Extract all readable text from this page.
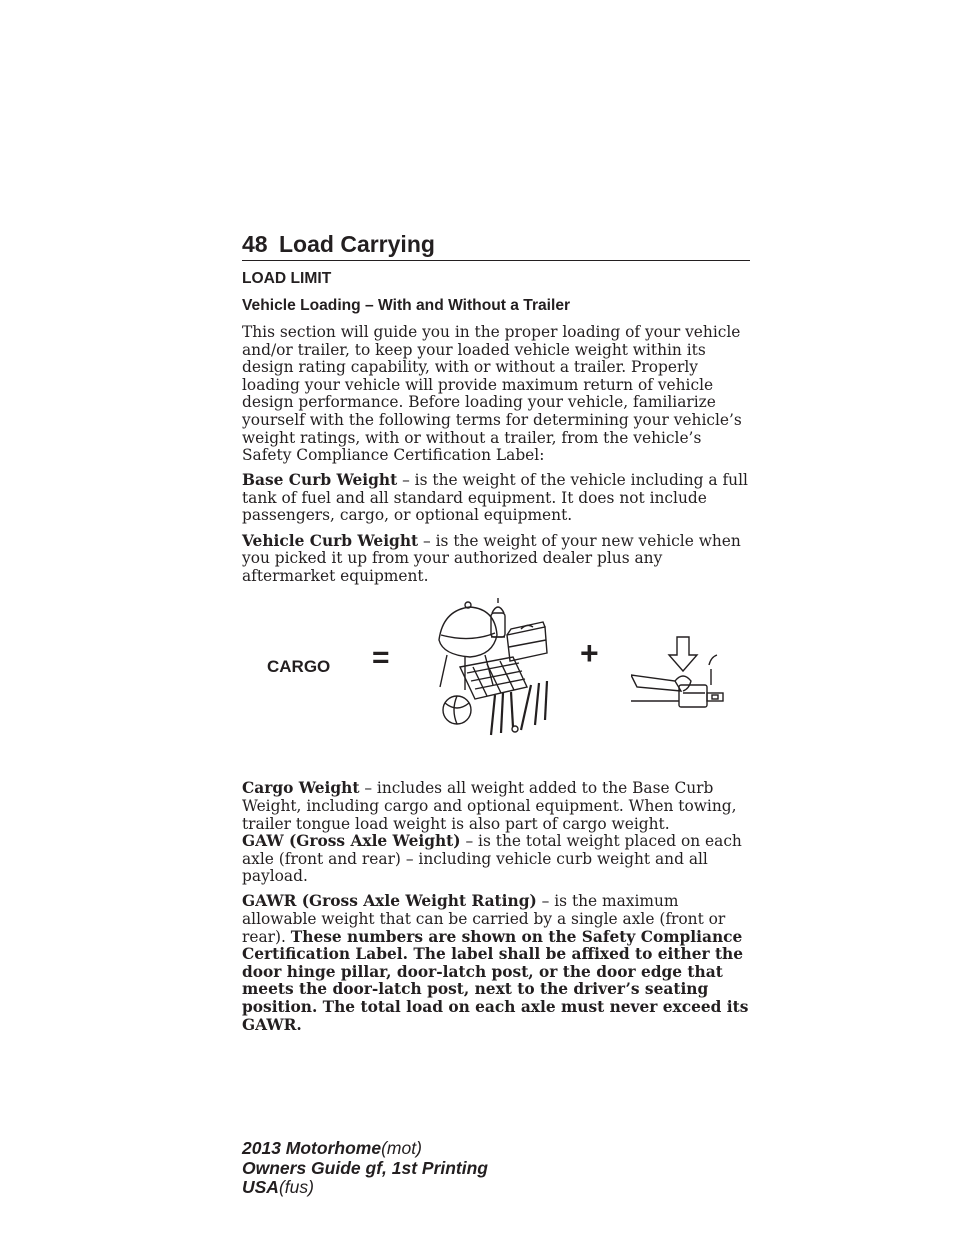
48 Load Carrying
LOAD LIMIT
Vehicle Loading – With and Without a Trailer

This section will guide you in the proper loading of your vehicle and/or trailer, to keep your loaded vehicle weight within its design rating capability, with or without a trailer. Properly loading your vehicle will provide maximum return of vehicle design performance. Before loading your vehicle, familiarize yourself with the following terms for determining your vehicle’s weight ratings, with or without a trailer, from the vehicle’s Safety Compliance Certification Label:

Base Curb Weight – is the weight of the vehicle including a full tank of fuel and all standard equipment. It does not include passengers, cargo, or optional equipment.

Vehicle Curb Weight – is the weight of your new vehicle when you picked it up from your authorized dealer plus any aftermarket equipment.

CARGO =	+

Cargo Weight – includes all weight added to the Base Curb Weight, including cargo and optional equipment. When towing, trailer tongue load weight is also part of cargo weight.

GAW (Gross Axle Weight) – is the total weight placed on each axle (front and rear) – including vehicle curb weight and all payload.

GAWR (Gross Axle Weight Rating) – is the maximum allowable weight that can be carried by a single axle (front or rear). These numbers are shown on the Safety Compliance Certification Label. The label shall be affixed to either the door hinge pillar, door-latch post, or the door edge that meets the door-latch post, next to the driver’s seating position. The total load on each axle must never exceed its GAWR.

2013 Motorhome(mot)
Owners Guide gf, 1st Printing
USA(fus)
